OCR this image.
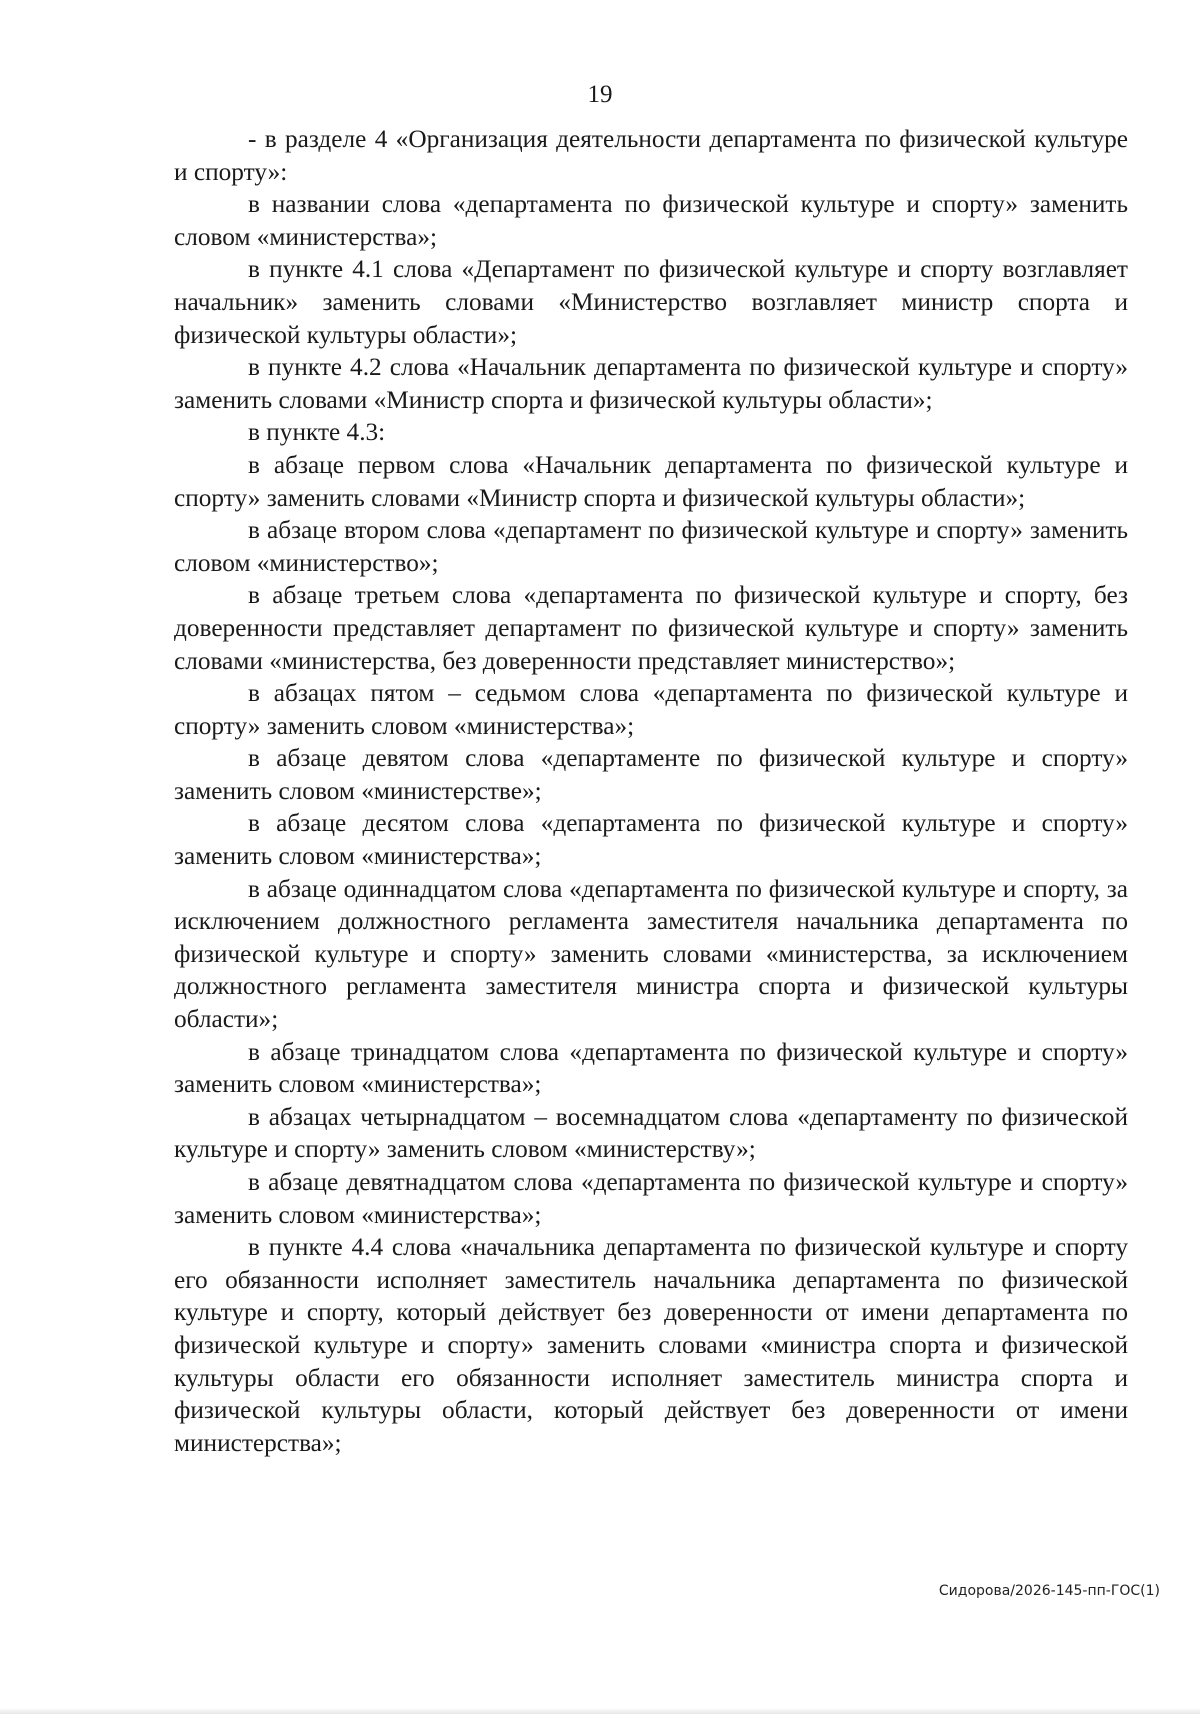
19

- в разделе 4 «Организация деятельности департамента по физической культуре и спорту»:

в названии слова «департамента по физической культуре и спорту» заменить словом «министерства»;

в пункте 4.1 слова «Департамент по физической культуре и спорту возглавляет начальник» заменить словами «Министерство возглавляет министр спорта и физической культуры области»;

в пункте 4.2 слова «Начальник департамента по физической культуре и спорту» заменить словами «Министр спорта и физической культуры области»;

в пункте 4.3:

в абзаце первом слова «Начальник департамента по физической культуре и спорту» заменить словами «Министр спорта и физической культуры области»;

в абзаце втором слова «департамент по физической культуре и спорту» заменить словом «министерство»;

в абзаце третьем слова «департамента по физической культуре и спорту, без доверенности представляет департамент по физической культуре и спорту» заменить словами «министерства, без доверенности представляет министерство»;

в абзацах пятом – седьмом слова «департамента по физической культуре и спорту» заменить словом «министерства»;

в абзаце девятом слова «департаменте по физической культуре и спорту» заменить словом «министерстве»;

в абзаце десятом слова «департамента по физической культуре и спорту» заменить словом «министерства»;

в абзаце одиннадцатом слова «департамента по физической культуре и спорту, за исключением должностного регламента заместителя начальника департамента по физической культуре и спорту» заменить словами «министерства, за исключением должностного регламента заместителя министра спорта и физической культуры области»;

в абзаце тринадцатом слова «департамента по физической культуре и спорту» заменить словом «министерства»;

в абзацах четырнадцатом – восемнадцатом слова «департаменту по физической культуре и спорту» заменить словом «министерству»;

в абзаце девятнадцатом слова «департамента по физической культуре и спорту» заменить словом «министерства»;

в пункте 4.4 слова «начальника департамента по физической культуре и спорту его обязанности исполняет заместитель начальника департамента по физической культуре и спорту, который действует без доверенности от имени департамента по физической культуре и спорту» заменить словами «министра спорта и физической культуры области его обязанности исполняет заместитель министра спорта и физической культуры области, который действует без доверенности от имени министерства»;

Сидорова/2026-145-пп-ГОС(1)
